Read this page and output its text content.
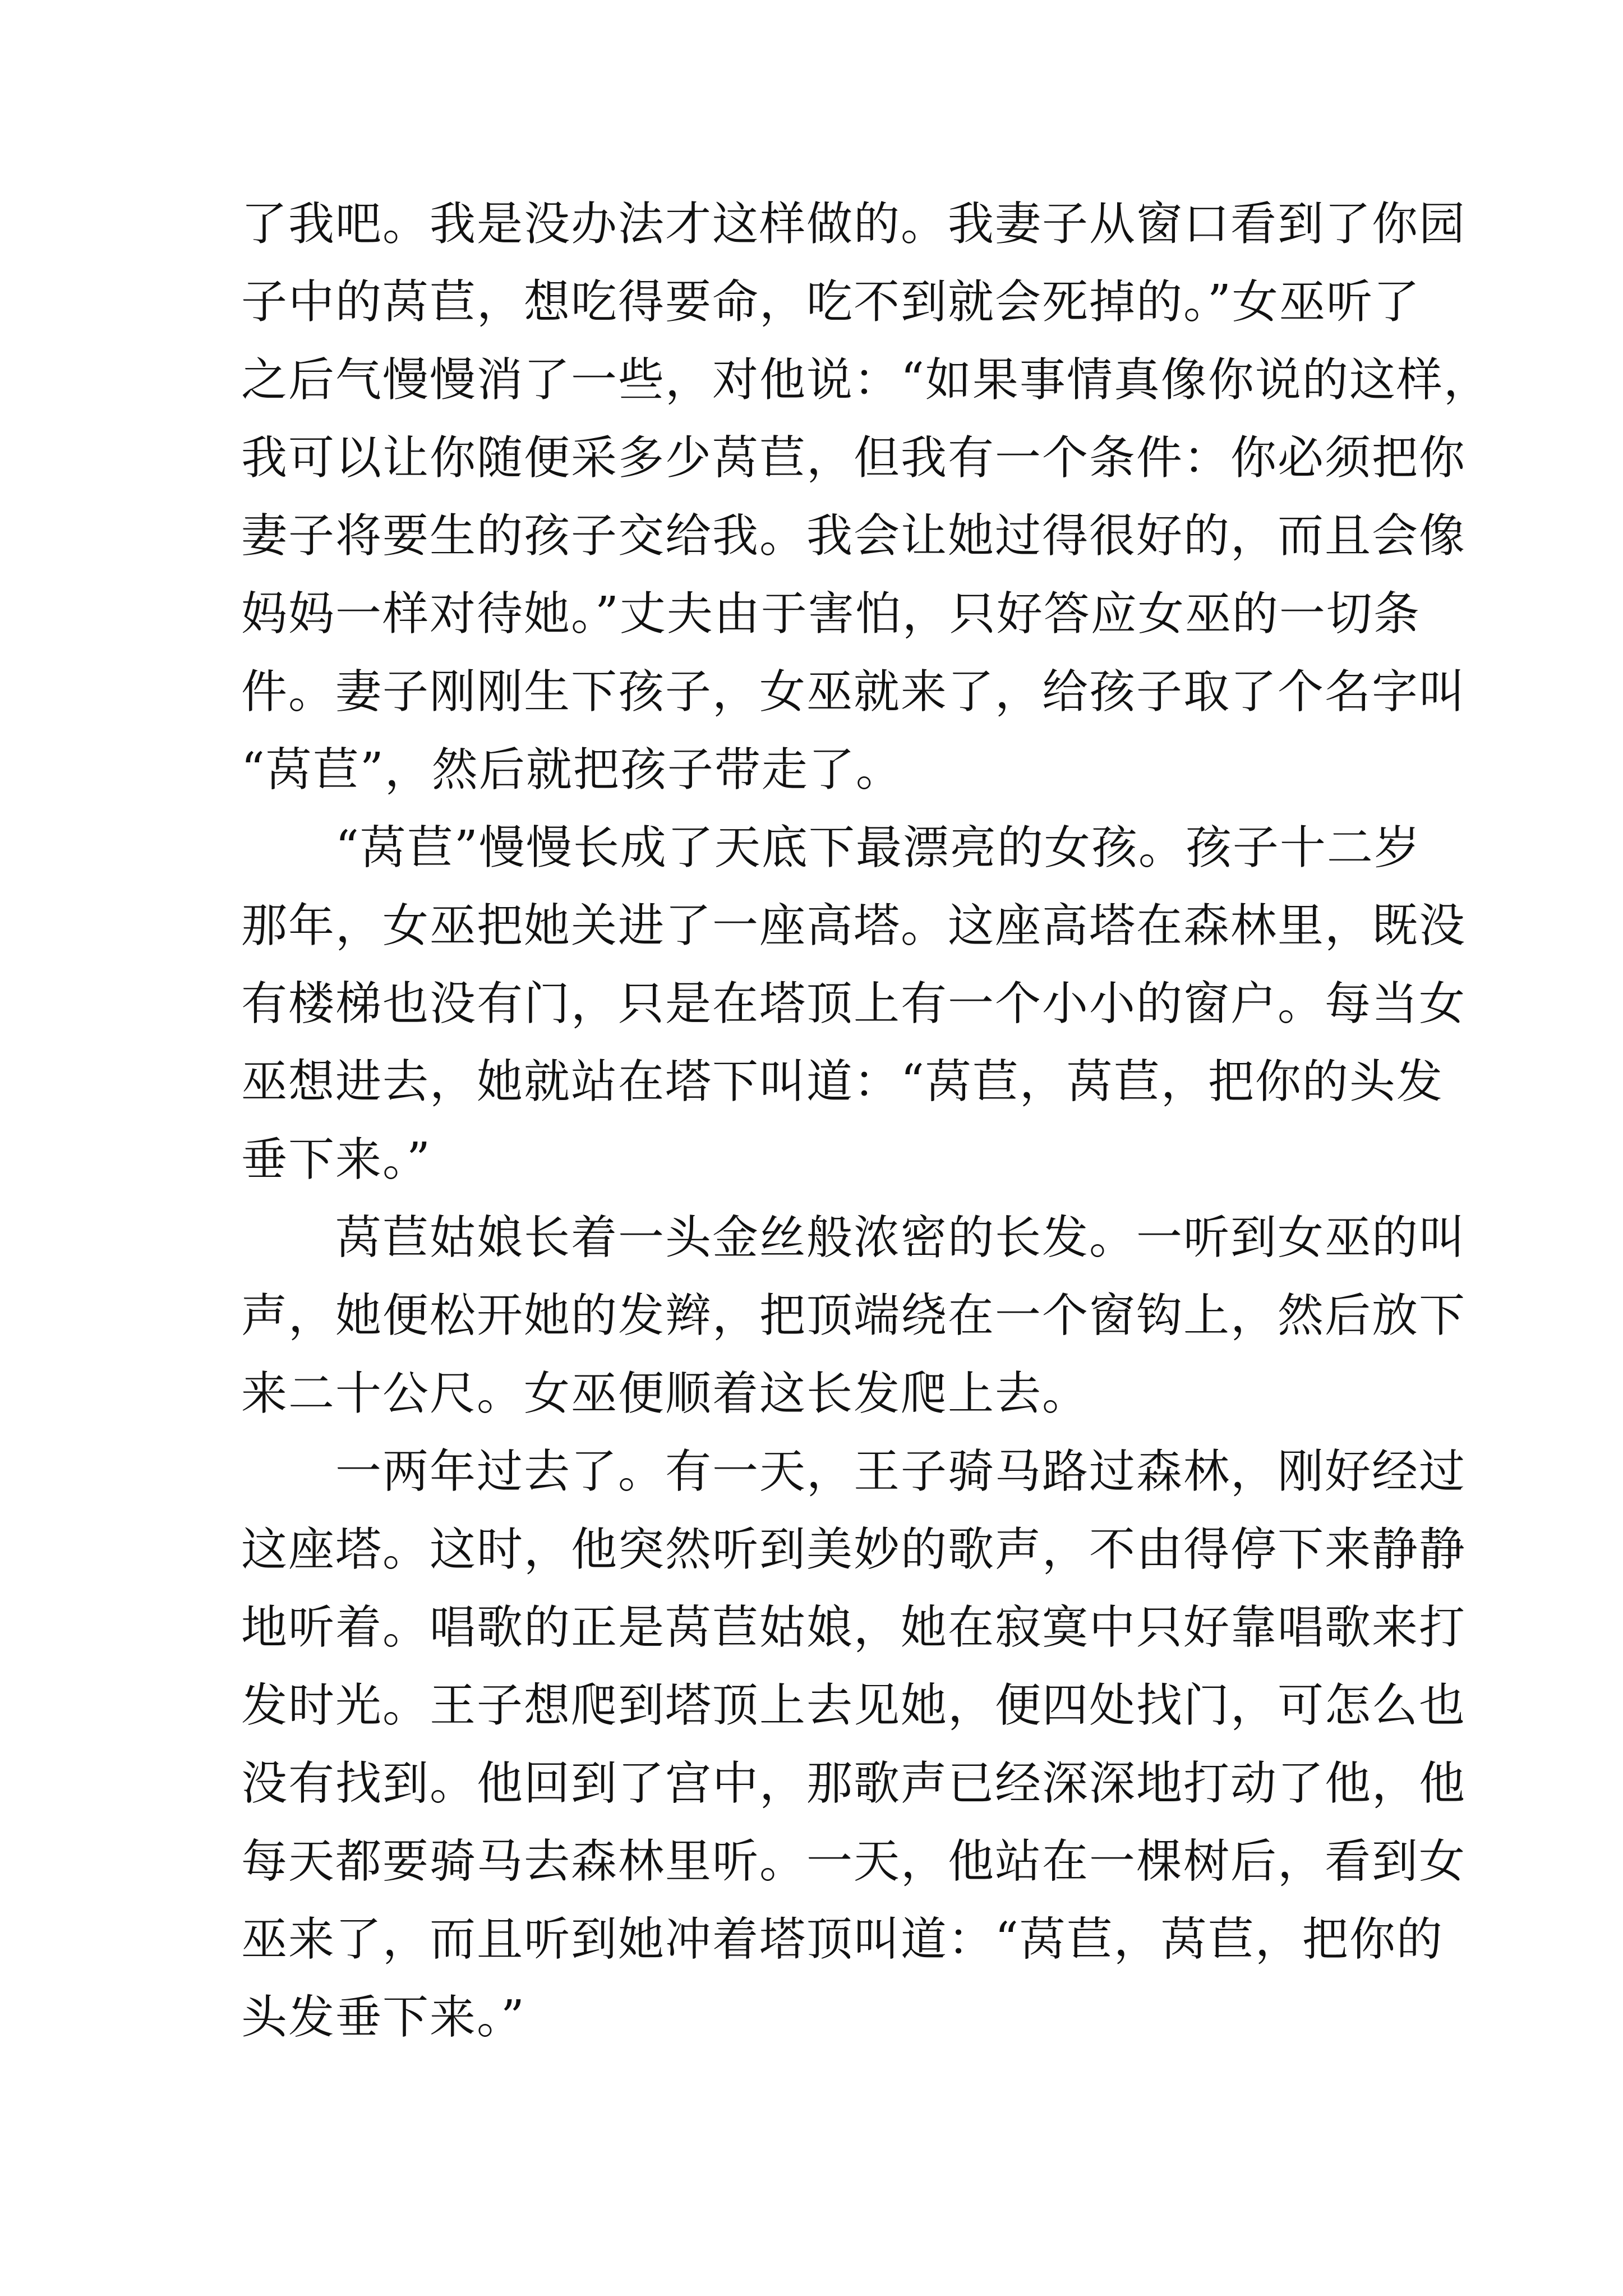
了我吧。我是没办法才这样做的。我妻子从窗口看到了你园
子中的莴苣，想吃得要命，吃不到就会死掉的。”女巫听了
之后气慢慢消了一些，对他说：“如果事情真像你说的这样，
我可以让你随便采多少莴苣，但我有一个条件：你必须把你
妻子将要生的孩子交给我。我会让她过得很好的，而且会像
妈妈一样对待她。”丈夫由于害怕，只好答应女巫的一切条
件。妻子刚刚生下孩子，女巫就来了，给孩子取了个名字叫
“莴苣”，然后就把孩子带走了。
　　“莴苣”慢慢长成了天底下最漂亮的女孩。孩子十二岁
那年，女巫把她关进了一座高塔。这座高塔在森林里，既没
有楼梯也没有门，只是在塔顶上有一个小小的窗户。每当女
巫想进去，她就站在塔下叫道：“莴苣，莴苣，把你的头发
垂下来。”
　　莴苣姑娘长着一头金丝般浓密的长发。一听到女巫的叫
声，她便松开她的发辫，把顶端绕在一个窗钩上，然后放下
来二十公尺。女巫便顺着这长发爬上去。
　　一两年过去了。有一天，王子骑马路过森林，刚好经过
这座塔。这时，他突然听到美妙的歌声，不由得停下来静静
地听着。唱歌的正是莴苣姑娘，她在寂寞中只好靠唱歌来打
发时光。王子想爬到塔顶上去见她，便四处找门，可怎么也
没有找到。他回到了宫中，那歌声已经深深地打动了他，他
每天都要骑马去森林里听。一天，他站在一棵树后，看到女
巫来了，而且听到她冲着塔顶叫道：“莴苣，莴苣，把你的
头发垂下来。”
